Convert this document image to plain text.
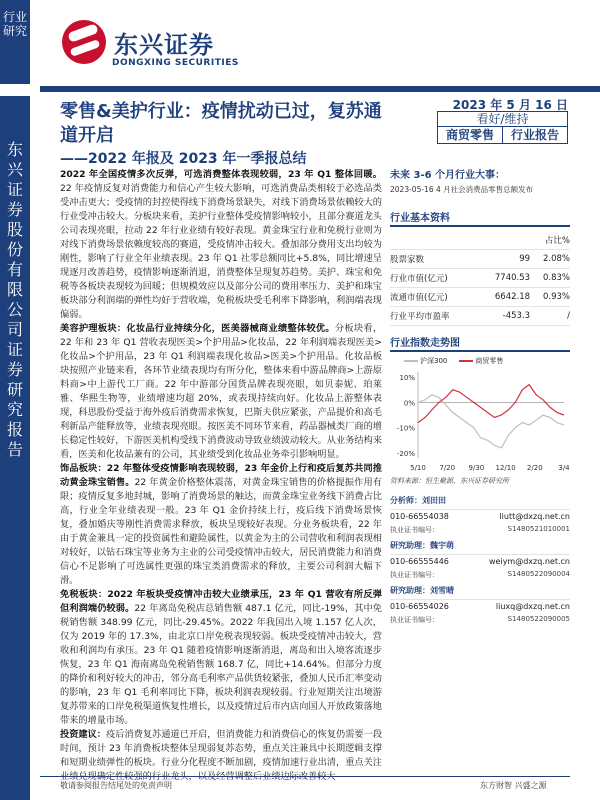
行业研究
东兴证券股份有限公司证券研究报告
东兴证券
DONGXING SECURITIES
零售&美护行业：疫情扰动已过，复苏通道开启
——2022 年报及 2023 年一季报总结
2023 年 5 月 16 日
看好/维持
商贸零售	行业报告

2022 年全国疫情多次反弹，可选消费整体表现较弱，23 年 Q1 整体回暖。22 年疫情反复对消费能力和信心产生较大影响，可选消费品类相较于必选品类受冲击更大；受疫情的封控使得线下消费场景缺失，对线下消费场景依赖较大的行业受冲击较大。分板块来看，美护行业整体受疫情影响较小，且部分赛道龙头公司表现亮眼，拉动 22 年行业业绩有较好表现。黄金珠宝行业和免税行业则为对线下消费场景依赖度较高的赛道，受疫情冲击较大。叠加部分费用支出均较为刚性，影响了行业全年业绩表现。23 年 Q1 社零总额同比+5.8%，同比增速呈现逐月改善趋势，疫情影响逐渐消退，消费整体呈现复苏趋势。美护、珠宝和免税等各板块表现较为回暖；但规模效应以及部分公司的费用率压力、美护和珠宝板块部分利润端的弹性均好于营收端，免税板块受毛利率下降影响，利润端表现偏弱。

美容护理板块：化妆品行业持续分化，医美器械商业绩整体较优。分板块看，22 年和 23 年 Q1 营收表现医美>个护用品>化妆品，22 年利润端表现医美>化妆品>个护用品，23 年 Q1 利润端表现化妆品>医美>个护用品。化妆品板块按照产业链来看，各环节业绩表现均有所分化，整体来看中游品牌商>上游原料商>中上游代工厂商。22 年中游部分国货品牌表现亮眼，如贝泰妮、珀莱雅、华熙生物等，业绩增速均超 20%，或表现持续向好。化妆品上游整体表现，科思股份受益于海外疫后消费需求恢复，巴斯夫供应紧张，产品提价和高毛利新品产能释放等，业绩表现亮眼。按医美不同环节来看，药品器械类厂商的增长稳定性较好，下游医美机构受线下消费波动导致业绩波动较大。从业务结构来看，医美和化妆品兼有的公司，其业绩受到化妆品业务牵引影响明显。

饰品板块：22 年整体受疫情影响表现较弱，23 年金价上行和疫后复苏共同推动黄金珠宝销售。22 年黄金价格整体震荡，对黄金珠宝销售的价格提振作用有限；疫情反复多地封城，影响了消费场景的触达，而黄金珠宝业务线下消费占比高，行业全年业绩表现一般。23 年 Q1 金价持续上行，疫后线下消费场景恢复，叠加婚庆等刚性消费需求释放，板块呈现较好表现。分业务板块看，22 年由于黄金兼具一定的投资属性和避险属性，以黄金为主的公司营收和利润表现相对较好，以钻石珠宝等业务为主业的公司受疫情冲击较大，居民消费能力和消费信心不足影响了可选属性更强的珠宝类消费需求的释放，主要公司利润大幅下滑。

免税板块：2022 年板块受疫情冲击较大业绩承压，23 年 Q1 营收有所反弹但利润端仍较弱。22 年离岛免税店总销售额 487.1 亿元，同比-19%，其中免税销售额 348.99 亿元，同比-29.45%。2022 年我国出入境 1.157 亿人次，仅为 2019 年的 17.3%，由北京口岸免税表现较弱。板块受疫情冲击较大，营收和利润均有承压。23 年 Q1 随着疫情影响逐渐消退，离岛和出入境客流逐步恢复，23 年 Q1 海南离岛免税销售额 168.7 亿，同比+14.64%。但部分力度的降价和利好较大的冲击，邻分高毛利率产品供货较紧张，叠加人民币汇率变动的影响，23 年 Q1 毛利率同比下降，板块利润表现较弱。行业短期关注出境游复苏带来的口岸免税渠道恢复性增长，以及疫情过后市内店向国人开放政策落地带来的增量市场。

投资建议：疫后消费复苏通道已开启，但消费能力和消费信心的恢复仍需要一段时间，预计 23 年消费板块整体呈现弱复苏态势，重点关注兼具中长期逻辑支撑和短期业绩弹性的板块。行业分化程度不断加剧，疫情加速行业出清，重点关注

未来 3-6 个月行业大事：
2023-05-16 4 月社会消费品零售总额发布
行业基本资料
		占比%
股票家数	99	2.08%
行业市值(亿元)	7740.53	0.83%
流通市值(亿元)	6642.18	0.93%
行业平均市盈率	-453.3	/
行业指数走势图
沪深300	商贸零售
10%
0%
-10%
-20%
5/10 7/20 9/30 12/10 2/20 3/4
资料来源：恒生聚源、东兴证券研究所
分析师：刘田田
010-66554038	liutt@dxzq.net.cn
执业证书编号：	S1480521010001
研究助理：魏宇萌
010-66555446	weiym@dxzq.net.cn
执业证书编号：	S1480522090004
研究助理：刘雪晴
010-66554026	liuxq@dxzq.net.cn
执业证书编号：	S1480522090005
敬请参阅报告结尾处的免责声明	东方财智 兴盛之源
